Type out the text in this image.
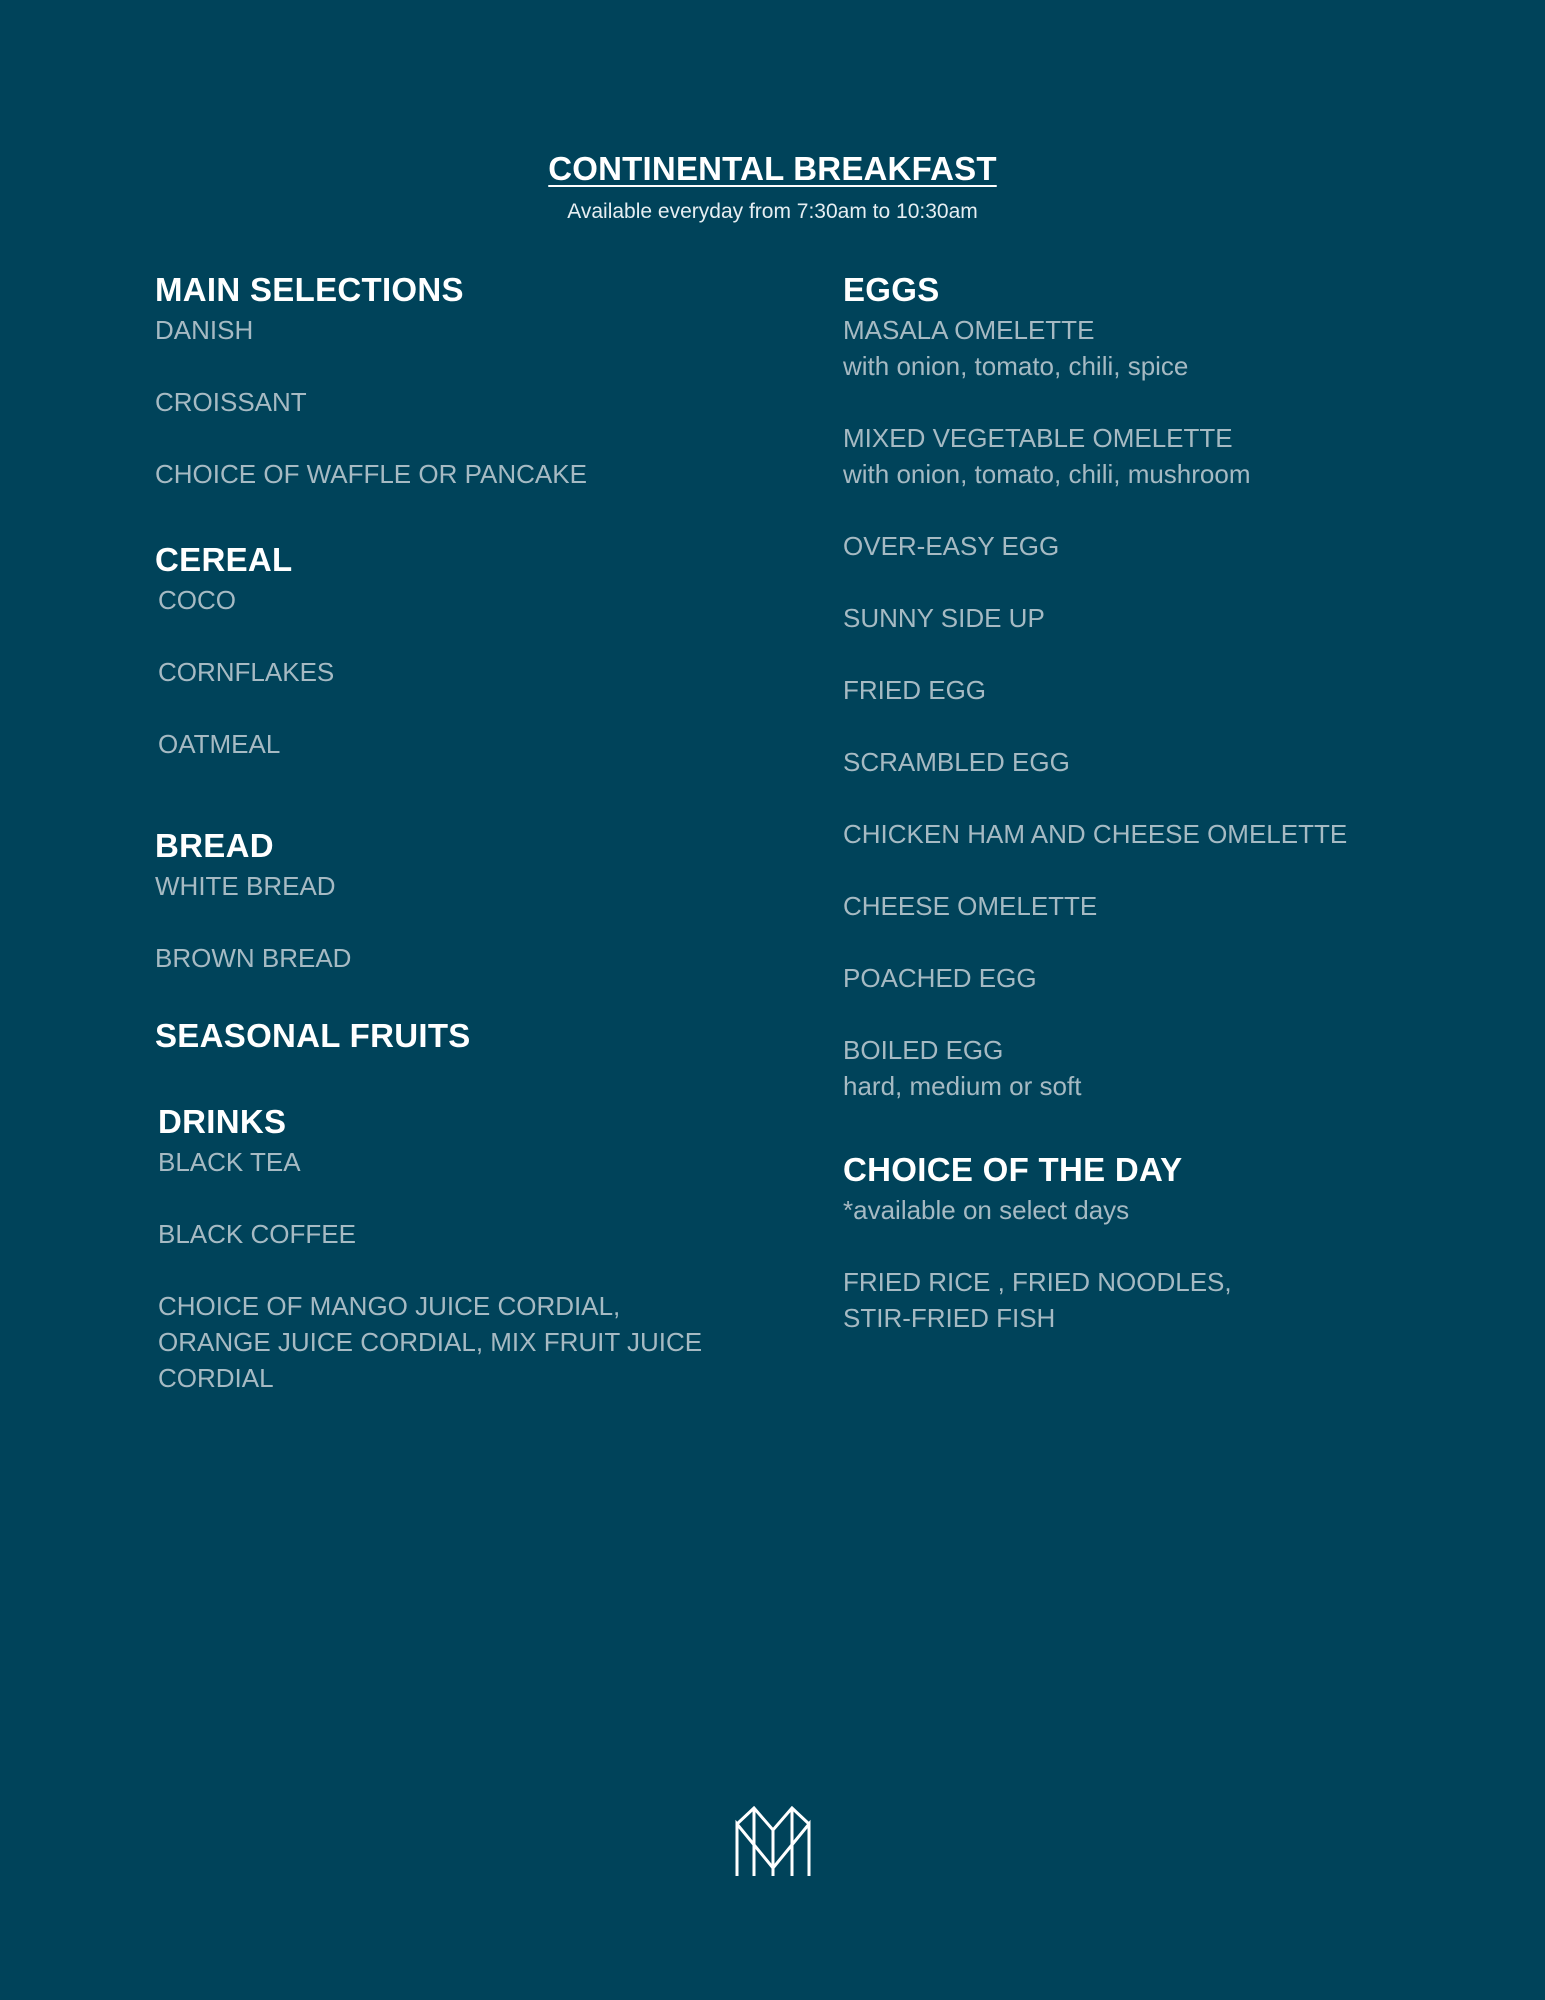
CONTINENTAL BREAKFAST
Available everyday from 7:30am to 10:30am
MAIN SELECTIONS
DANISH
CROISSANT
CHOICE OF WAFFLE OR PANCAKE
CEREAL
COCO
CORNFLAKES
OATMEAL
BREAD
WHITE BREAD
BROWN BREAD
SEASONAL FRUITS
DRINKS
BLACK TEA
BLACK COFFEE
CHOICE OF MANGO JUICE CORDIAL, ORANGE JUICE CORDIAL, MIX FRUIT JUICE CORDIAL
EGGS
MASALA OMELETTE
with onion, tomato, chili, spice
MIXED VEGETABLE OMELETTE
with onion, tomato, chili, mushroom
OVER-EASY EGG
SUNNY SIDE UP
FRIED EGG
SCRAMBLED EGG
CHICKEN HAM AND CHEESE OMELETTE
CHEESE OMELETTE
POACHED EGG
BOILED EGG
hard, medium or soft
CHOICE OF THE DAY
*available on select days
FRIED RICE , FRIED NOODLES, STIR-FRIED FISH
